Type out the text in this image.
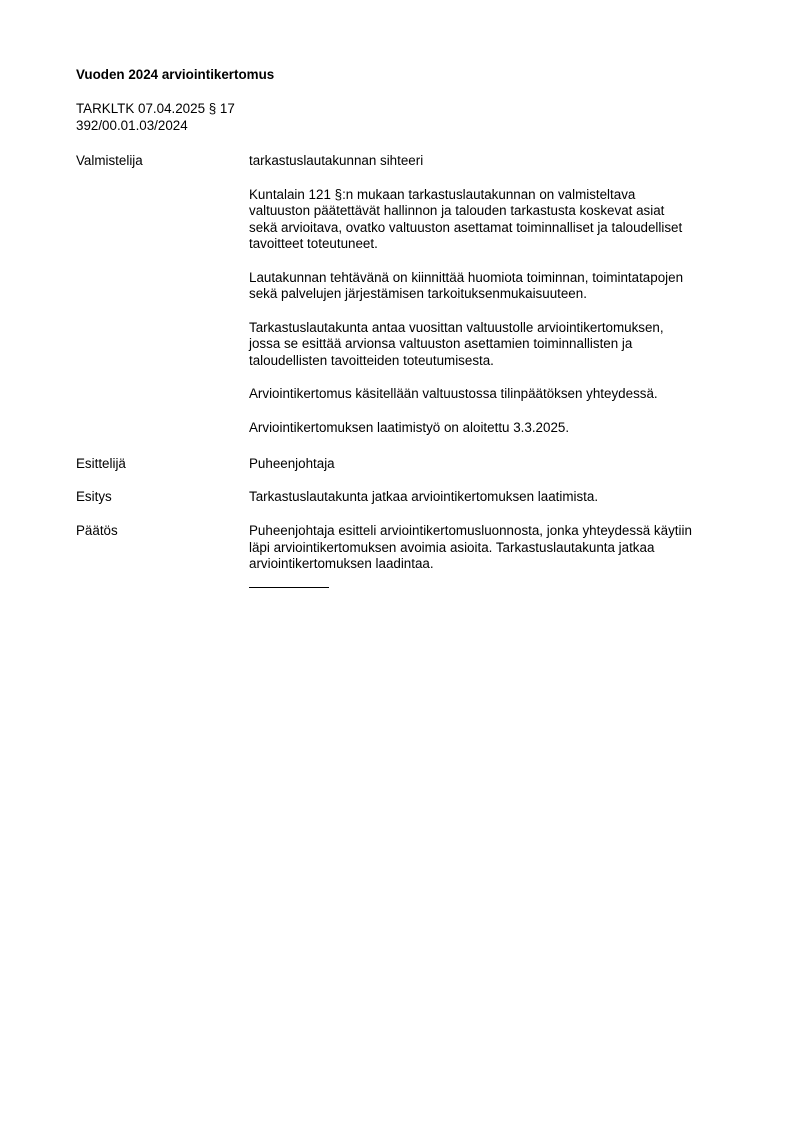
Vuoden 2024 arviointikertomus
TARKLTK 07.04.2025 § 17
392/00.01.03/2024
Valmistelija	tarkastuslautakunnan sihteeri
Kuntalain 121 §:n mukaan tarkastuslautakunnan on valmisteltava
valtuuston päätettävät hallinnon ja talouden tarkastusta koskevat asiat
sekä arvioitava, ovatko valtuuston asettamat toiminnalliset ja taloudelliset
tavoitteet toteutuneet.
Lautakunnan tehtävänä on kiinnittää huomiota toiminnan, toimintatapojen
sekä palvelujen järjestämisen tarkoituksenmukaisuuteen.
Tarkastuslautakunta antaa vuosittan valtuustolle arviointikertomuksen,
jossa se esittää arvionsa valtuuston asettamien toiminnallisten ja
taloudellisten tavoitteiden toteutumisesta.
Arviointikertomus käsitellään valtuustossa tilinpäätöksen yhteydessä.
Arviointikertomuksen laatimistyö on aloitettu 3.3.2025.
Esittelijä	Puheenjohtaja
Esitys	Tarkastuslautakunta jatkaa arviointikertomuksen laatimista.
Päätös	Puheenjohtaja esitteli arviointikertomusluonnosta, jonka yhteydessä käytiin
läpi arviointikertomuksen avoimia asioita. Tarkastuslautakunta jatkaa
arviointikertomuksen laadintaa.
